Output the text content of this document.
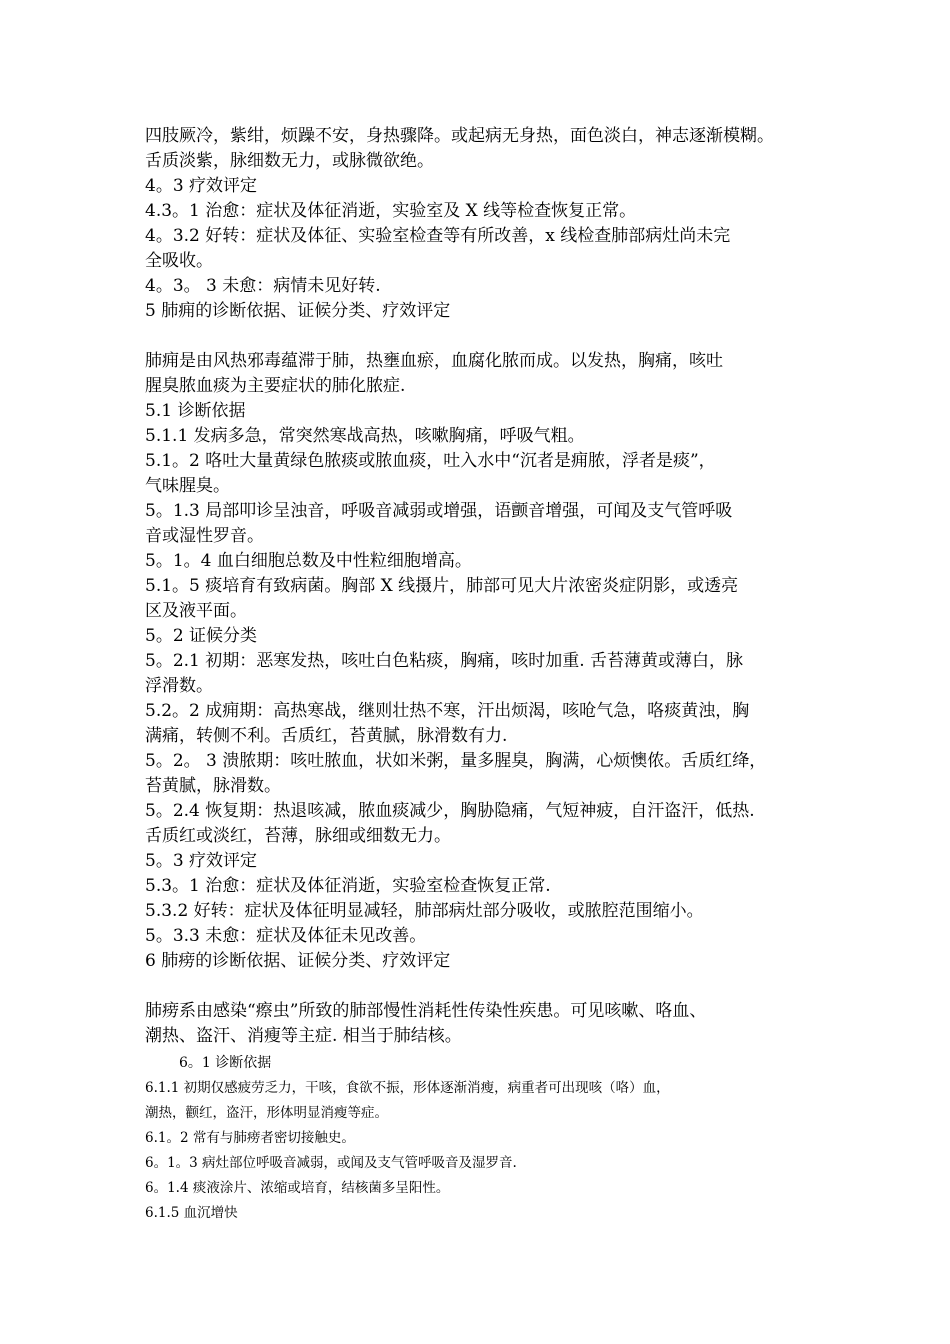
四肢厥冷，紫绀，烦躁不安，身热骤降。或起病无身热，面色淡白，神志逐渐模糊。
舌质淡紫，脉细数无力，或脉微欲绝。
4。3 疗效评定
4.3。1 治愈：症状及体征消逝，实验室及 X 线等检查恢复正常。
4。3.2 好转：症状及体征、实验室检查等有所改善，x 线检查肺部病灶尚未完
全吸收。
4。3。 3 未愈：病情未见好转.
5 肺痈的诊断依据、证候分类、疗效评定
肺痈是由风热邪毒蕴滞于肺，热壅血瘀，血腐化脓而成。以发热，胸痛，咳吐
腥臭脓血痰为主要症状的肺化脓症.
5.1 诊断依据
5.1.1 发病多急，常突然寒战高热，咳嗽胸痛，呼吸气粗。
5.1。2 咯吐大量黄绿色脓痰或脓血痰，吐入水中“沉者是痈脓，浮者是痰”，
气味腥臭。
5。1.3 局部叩诊呈浊音，呼吸音减弱或增强，语颤音增强，可闻及支气管呼吸
音或湿性罗音。
5。1。4 血白细胞总数及中性粒细胞增高。
5.1。5 痰培育有致病菌。胸部 X 线摄片，肺部可见大片浓密炎症阴影，或透亮
区及液平面。
5。2 证候分类
5。2.1 初期：恶寒发热，咳吐白色粘痰，胸痛，咳时加重. 舌苔薄黄或薄白，脉
浮滑数。
5.2。2 成痈期：高热寒战，继则壮热不寒，汗出烦渴，咳呛气急，咯痰黄浊，胸
满痛，转侧不利。舌质红，苔黄腻，脉滑数有力.
5。2。 3 溃脓期：咳吐脓血，状如米粥，量多腥臭，胸满，心烦懊侬。舌质红绛，
苔黄腻，脉滑数。
5。2.4 恢复期：热退咳减，脓血痰减少，胸胁隐痛，气短神疲，自汗盗汗，低热.
舌质红或淡红，苔薄，脉细或细数无力。
5。3 疗效评定
5.3。1 治愈：症状及体征消逝，实验室检查恢复正常.
5.3.2 好转：症状及体征明显减轻，肺部病灶部分吸收，或脓腔范围缩小。
5。3.3 未愈：症状及体征未见改善。
6 肺痨的诊断依据、证候分类、疗效评定
肺痨系由感染“瘵虫”所致的肺部慢性消耗性传染性疾患。可见咳嗽、咯血、
潮热、盗汗、消瘦等主症. 相当于肺结核。
6。1 诊断依据
6.1.1 初期仅感疲劳乏力，干咳，食欲不振，形体逐渐消瘦，病重者可出现咳（咯）血，
潮热，颧红，盗汗，形体明显消瘦等症。
6.1。2 常有与肺痨者密切接触史。
6。1。3 病灶部位呼吸音减弱，或闻及支气管呼吸音及湿罗音.
6。1.4 痰液涂片、浓缩或培育，结核菌多呈阳性。
6.1.5 血沉增快
